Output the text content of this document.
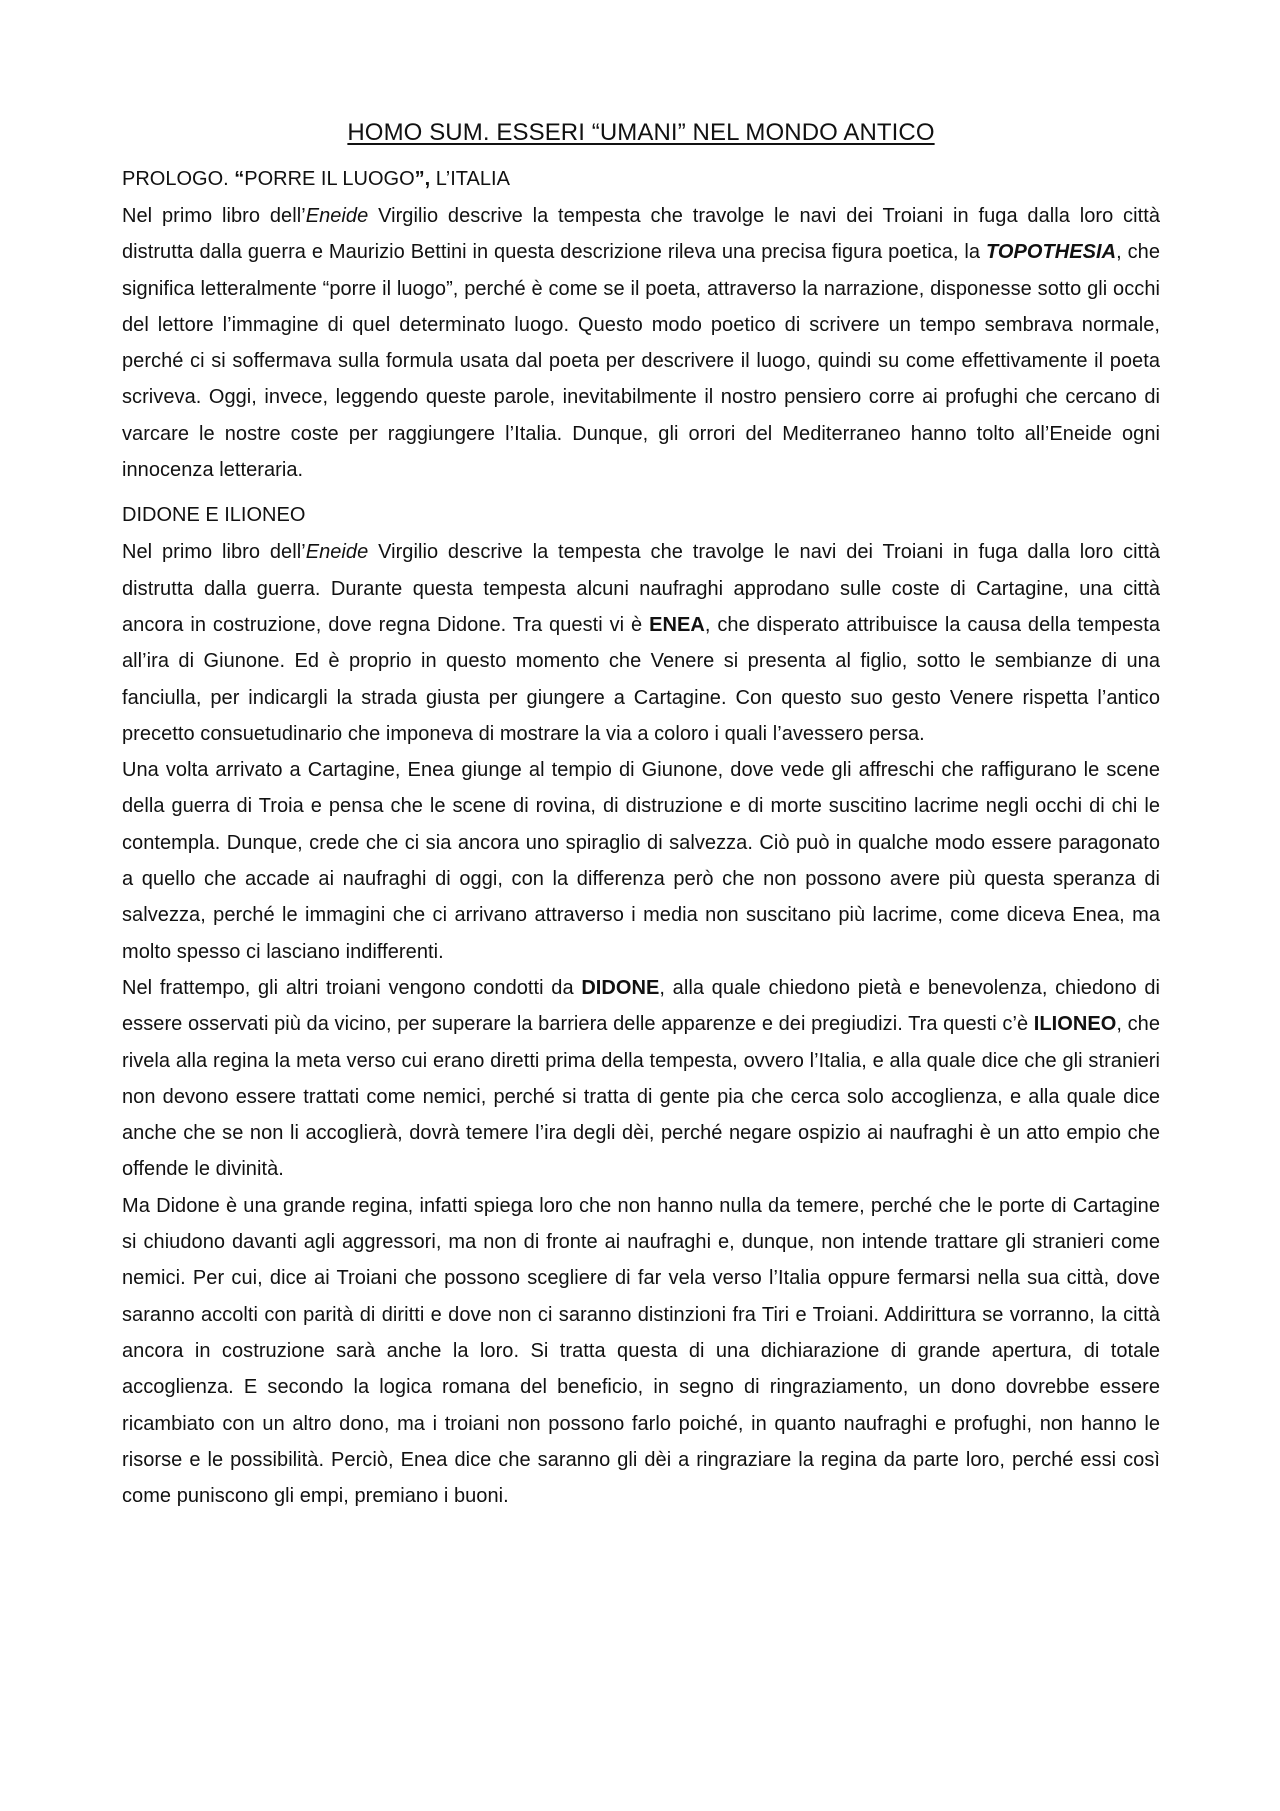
HOMO SUM. ESSERI “UMANI” NEL MONDO ANTICO
PROLOGO. “PORRE IL LUOGO”, L’ITALIA

Nel primo libro dell’Eneide Virgilio descrive la tempesta che travolge le navi dei Troiani in fuga dalla loro città distrutta dalla guerra e Maurizio Bettini in questa descrizione rileva una precisa figura poetica, la TOPOTHESIA, che significa letteralmente “porre il luogo”, perché è come se il poeta, attraverso la narrazione, disponesse sotto gli occhi del lettore l’immagine di quel determinato luogo. Questo modo poetico di scrivere un tempo sembrava normale, perché ci si soffermava sulla formula usata dal poeta per descrivere il luogo, quindi su come effettivamente il poeta scriveva. Oggi, invece, leggendo queste parole, inevitabilmente il nostro pensiero corre ai profughi che cercano di varcare le nostre coste per raggiungere l’Italia. Dunque, gli orrori del Mediterraneo hanno tolto all’Eneide ogni innocenza letteraria.

DIDONE E ILIONEO

Nel primo libro dell’Eneide Virgilio descrive la tempesta che travolge le navi dei Troiani in fuga dalla loro città distrutta dalla guerra. Durante questa tempesta alcuni naufraghi approdano sulle coste di Cartagine, una città ancora in costruzione, dove regna Didone. Tra questi vi è ENEA, che disperato attribuisce la causa della tempesta all’ira di Giunone. Ed è proprio in questo momento che Venere si presenta al figlio, sotto le sembianze di una fanciulla, per indicargli la strada giusta per giungere a Cartagine. Con questo suo gesto Venere rispetta l’antico precetto consuetudinario che imponeva di mostrare la via a coloro i quali l’avessero persa.

Una volta arrivato a Cartagine, Enea giunge al tempio di Giunone, dove vede gli affreschi che raffigurano le scene della guerra di Troia e pensa che le scene di rovina, di distruzione e di morte suscitino lacrime negli occhi di chi le contempla. Dunque, crede che ci sia ancora uno spiraglio di salvezza. Ciò può in qualche modo essere paragonato a quello che accade ai naufraghi di oggi, con la differenza però che non possono avere più questa speranza di salvezza, perché le immagini che ci arrivano attraverso i media non suscitano più lacrime, come diceva Enea, ma molto spesso ci lasciano indifferenti.

Nel frattempo, gli altri troiani vengono condotti da DIDONE, alla quale chiedono pietà e benevolenza, chiedono di essere osservati più da vicino, per superare la barriera delle apparenze e dei pregiudizi. Tra questi c’è ILIONEO, che rivela alla regina la meta verso cui erano diretti prima della tempesta, ovvero l’Italia, e alla quale dice che gli stranieri non devono essere trattati come nemici, perché si tratta di gente pia che cerca solo accoglienza, e alla quale dice anche che se non li accoglierà, dovrà temere l’ira degli dèi, perché negare ospizio ai naufraghi è un atto empio che offende le divinità.

Ma Didone è una grande regina, infatti spiega loro che non hanno nulla da temere, perché che le porte di Cartagine si chiudono davanti agli aggressori, ma non di fronte ai naufraghi e, dunque, non intende trattare gli stranieri come nemici. Per cui, dice ai Troiani che possono scegliere di far vela verso l’Italia oppure fermarsi nella sua città, dove saranno accolti con parità di diritti e dove non ci saranno distinzioni fra Tiri e Troiani. Addirittura se vorranno, la città ancora in costruzione sarà anche la loro. Si tratta questa di una dichiarazione di grande apertura, di totale accoglienza. E secondo la logica romana del beneficio, in segno di ringraziamento, un dono dovrebbe essere ricambiato con un altro dono, ma i troiani non possono farlo poiché, in quanto naufraghi e profughi, non hanno le risorse e le possibilità. Perciò, Enea dice che saranno gli dèi a ringraziare la regina da parte loro, perché essi così come puniscono gli empi, premiano i buoni.
